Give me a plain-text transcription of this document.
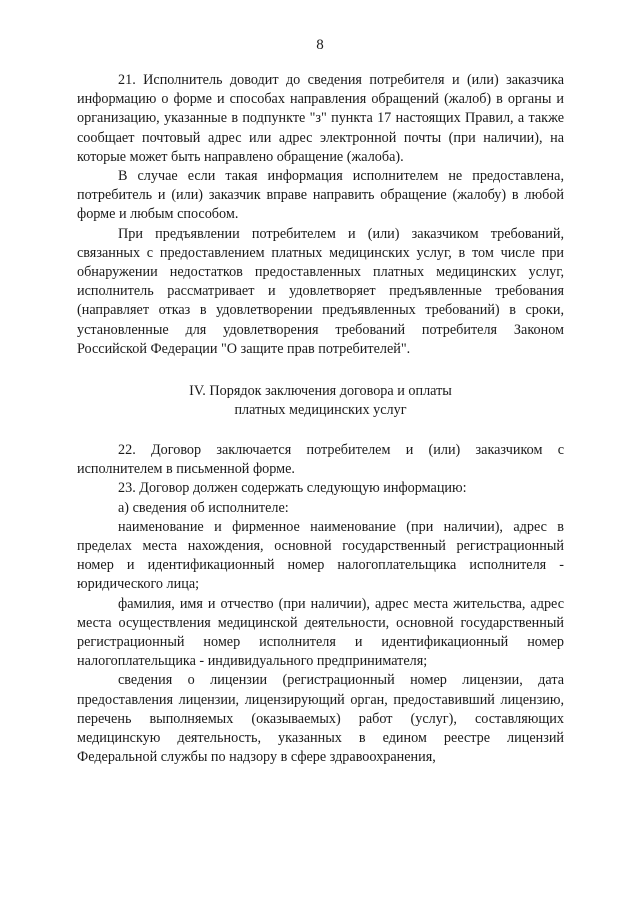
8

21. Исполнитель доводит до сведения потребителя и (или) заказчика информацию о форме и способах направления обращений (жалоб) в органы и организацию, указанные в подпункте "з" пункта 17 настоящих Правил, а также сообщает почтовый адрес или адрес электронной почты (при наличии), на которые может быть направлено обращение (жалоба).

В случае если такая информация исполнителем не предоставлена, потребитель и (или) заказчик вправе направить обращение (жалобу) в любой форме и любым способом.

При предъявлении потребителем и (или) заказчиком требований, связанных с предоставлением платных медицинских услуг, в том числе при обнаружении недостатков предоставленных платных медицинских услуг, исполнитель рассматривает и удовлетворяет предъявленные требования (направляет отказ в удовлетворении предъявленных требований) в сроки, установленные для удовлетворения требований потребителя Законом Российской Федерации "О защите прав потребителей".

IV. Порядок заключения договора и оплаты
платных медицинских услуг

22. Договор заключается потребителем и (или) заказчиком с исполнителем в письменной форме.

23. Договор должен содержать следующую информацию:

а) сведения об исполнителе:

наименование и фирменное наименование (при наличии), адрес в пределах места нахождения, основной государственный регистрационный номер и идентификационный номер налогоплательщика исполнителя - юридического лица;

фамилия, имя и отчество (при наличии), адрес места жительства, адрес места осуществления медицинской деятельности, основной государственный регистрационный номер исполнителя и идентификационный номер налогоплательщика - индивидуального предпринимателя;

сведения о лицензии (регистрационный номер лицензии, дата предоставления лицензии, лицензирующий орган, предоставивший лицензию, перечень выполняемых (оказываемых) работ (услуг), составляющих медицинскую деятельность, указанных в едином реестре лицензий Федеральной службы по надзору в сфере здравоохранения,
